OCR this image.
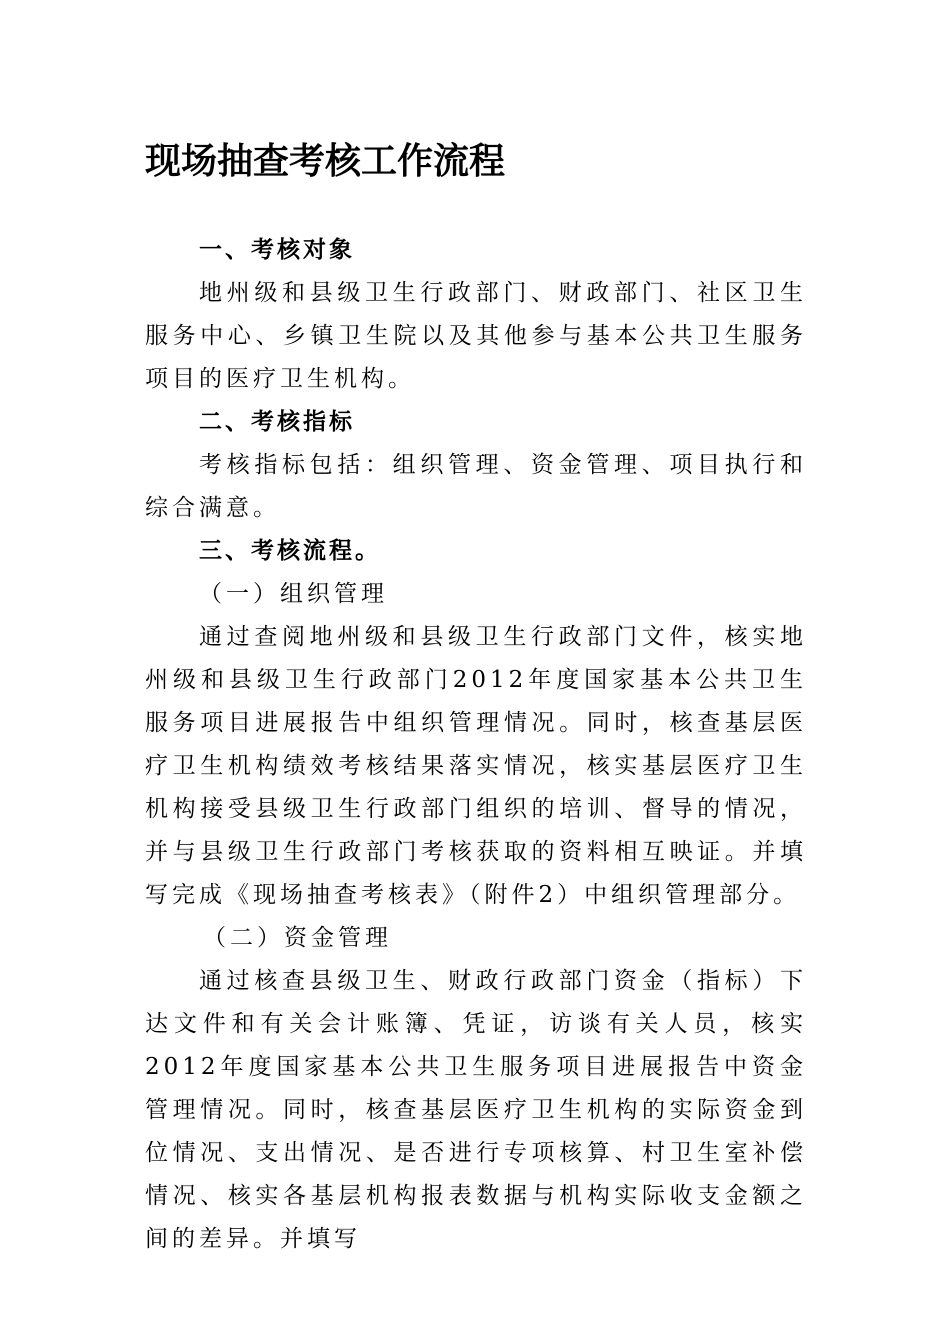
现场抽查考核工作流程

一、考核对象

地州级和县级卫生行政部门、财政部门、社区卫生服务中心、乡镇卫生院以及其他参与基本公共卫生服务项目的医疗卫生机构。

二、考核指标

考核指标包括：组织管理、资金管理、项目执行和综合满意。

三、考核流程。

（一）组织管理

通过查阅地州级和县级卫生行政部门文件，核实地州级和县级卫生行政部门2012年度国家基本公共卫生服务项目进展报告中组织管理情况。同时，核查基层医疗卫生机构绩效考核结果落实情况，核实基层医疗卫生机构接受县级卫生行政部门组织的培训、督导的情况，并与县级卫生行政部门考核获取的资料相互映证。并填写完成《现场抽查考核表》（附件2）中组织管理部分。

（二）资金管理

通过核查县级卫生、财政行政部门资金（指标）下达文件和有关会计账簿、凭证，访谈有关人员，核实2012年度国家基本公共卫生服务项目进展报告中资金管理情况。同时，核查基层医疗卫生机构的实际资金到位情况、支出情况、是否进行专项核算、村卫生室补偿情况、核实各基层机构报表数据与机构实际收支金额之间的差异。并填写
